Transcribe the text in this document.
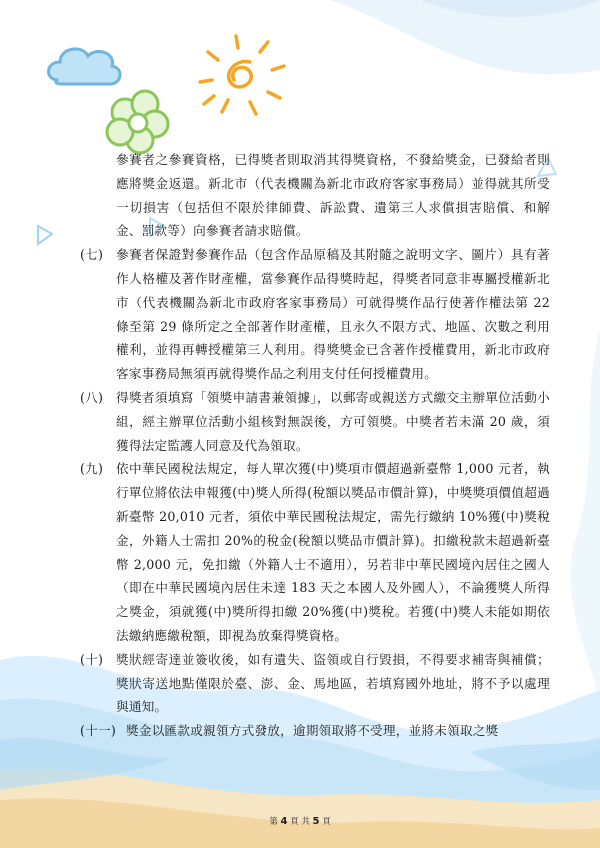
參賽者之參賽資格，已得獎者則取消其得獎資格，不發給獎金，已發給者則應將獎金返還。新北市（代表機關為新北市政府客家事務局）並得就其所受一切損害（包括但不限於律師費、訴訟費、遺第三人求償損害賠償、和解金、罰款等）向參賽者請求賠償。

(七) 參賽者保證對參賽作品（包含作品原稿及其附隨之說明文字、圖片）具有著作人格權及著作財產權，當參賽作品得獎時起，得獎者同意非專屬授權新北市（代表機關為新北市政府客家事務局）可就得獎作品行使著作權法第 22 條至第 29 條所定之全部著作財產權，且永久不限方式、地區、次數之利用權利，並得再轉授權第三人利用。得獎獎金已含著作授權費用，新北市政府客家事務局無須再就得獎作品之利用支付任何授權費用。

(八) 得獎者須填寫「領獎申請書兼領據」，以郵寄或親送方式繳交主辦單位活動小組，經主辦單位活動小組核對無誤後，方可領獎。中獎者若未滿 20 歲，須獲得法定監護人同意及代為領取。

(九) 依中華民國稅法規定，每人單次獲(中)獎項市價超過新臺幣 1,000 元者，執行單位將依法申報獲(中)獎人所得(稅額以獎品市價計算)，中獎獎項價值超過新臺幣 20,010 元者，須依中華民國稅法規定，需先行繳納 10%獲(中)獎稅金，外籍人士需扣 20%的稅金(稅額以獎品市價計算)。扣繳稅款未超過新臺幣 2,000 元，免扣繳（外籍人士不適用），另若非中華民國境內居住之國人（即在中華民國境內居住未達 183 天之本國人及外國人），不論獲獎人所得之獎金，須就獲(中)獎所得扣繳 20%獲(中)獎稅。若獲(中)獎人未能如期依法繳納應繳稅額，即視為放棄得獎資格。

(十) 獎狀經寄達並簽收後，如有遺失、盜領或自行毀損，不得要求補寄與補償；獎狀寄送地點僅限於臺、澎、金、馬地區，若填寫國外地址，將不予以處理與通知。

(十一) 獎金以匯款或親領方式發放，逾期領取將不受理，並將未領取之獎

第 4 頁 共 5 頁
